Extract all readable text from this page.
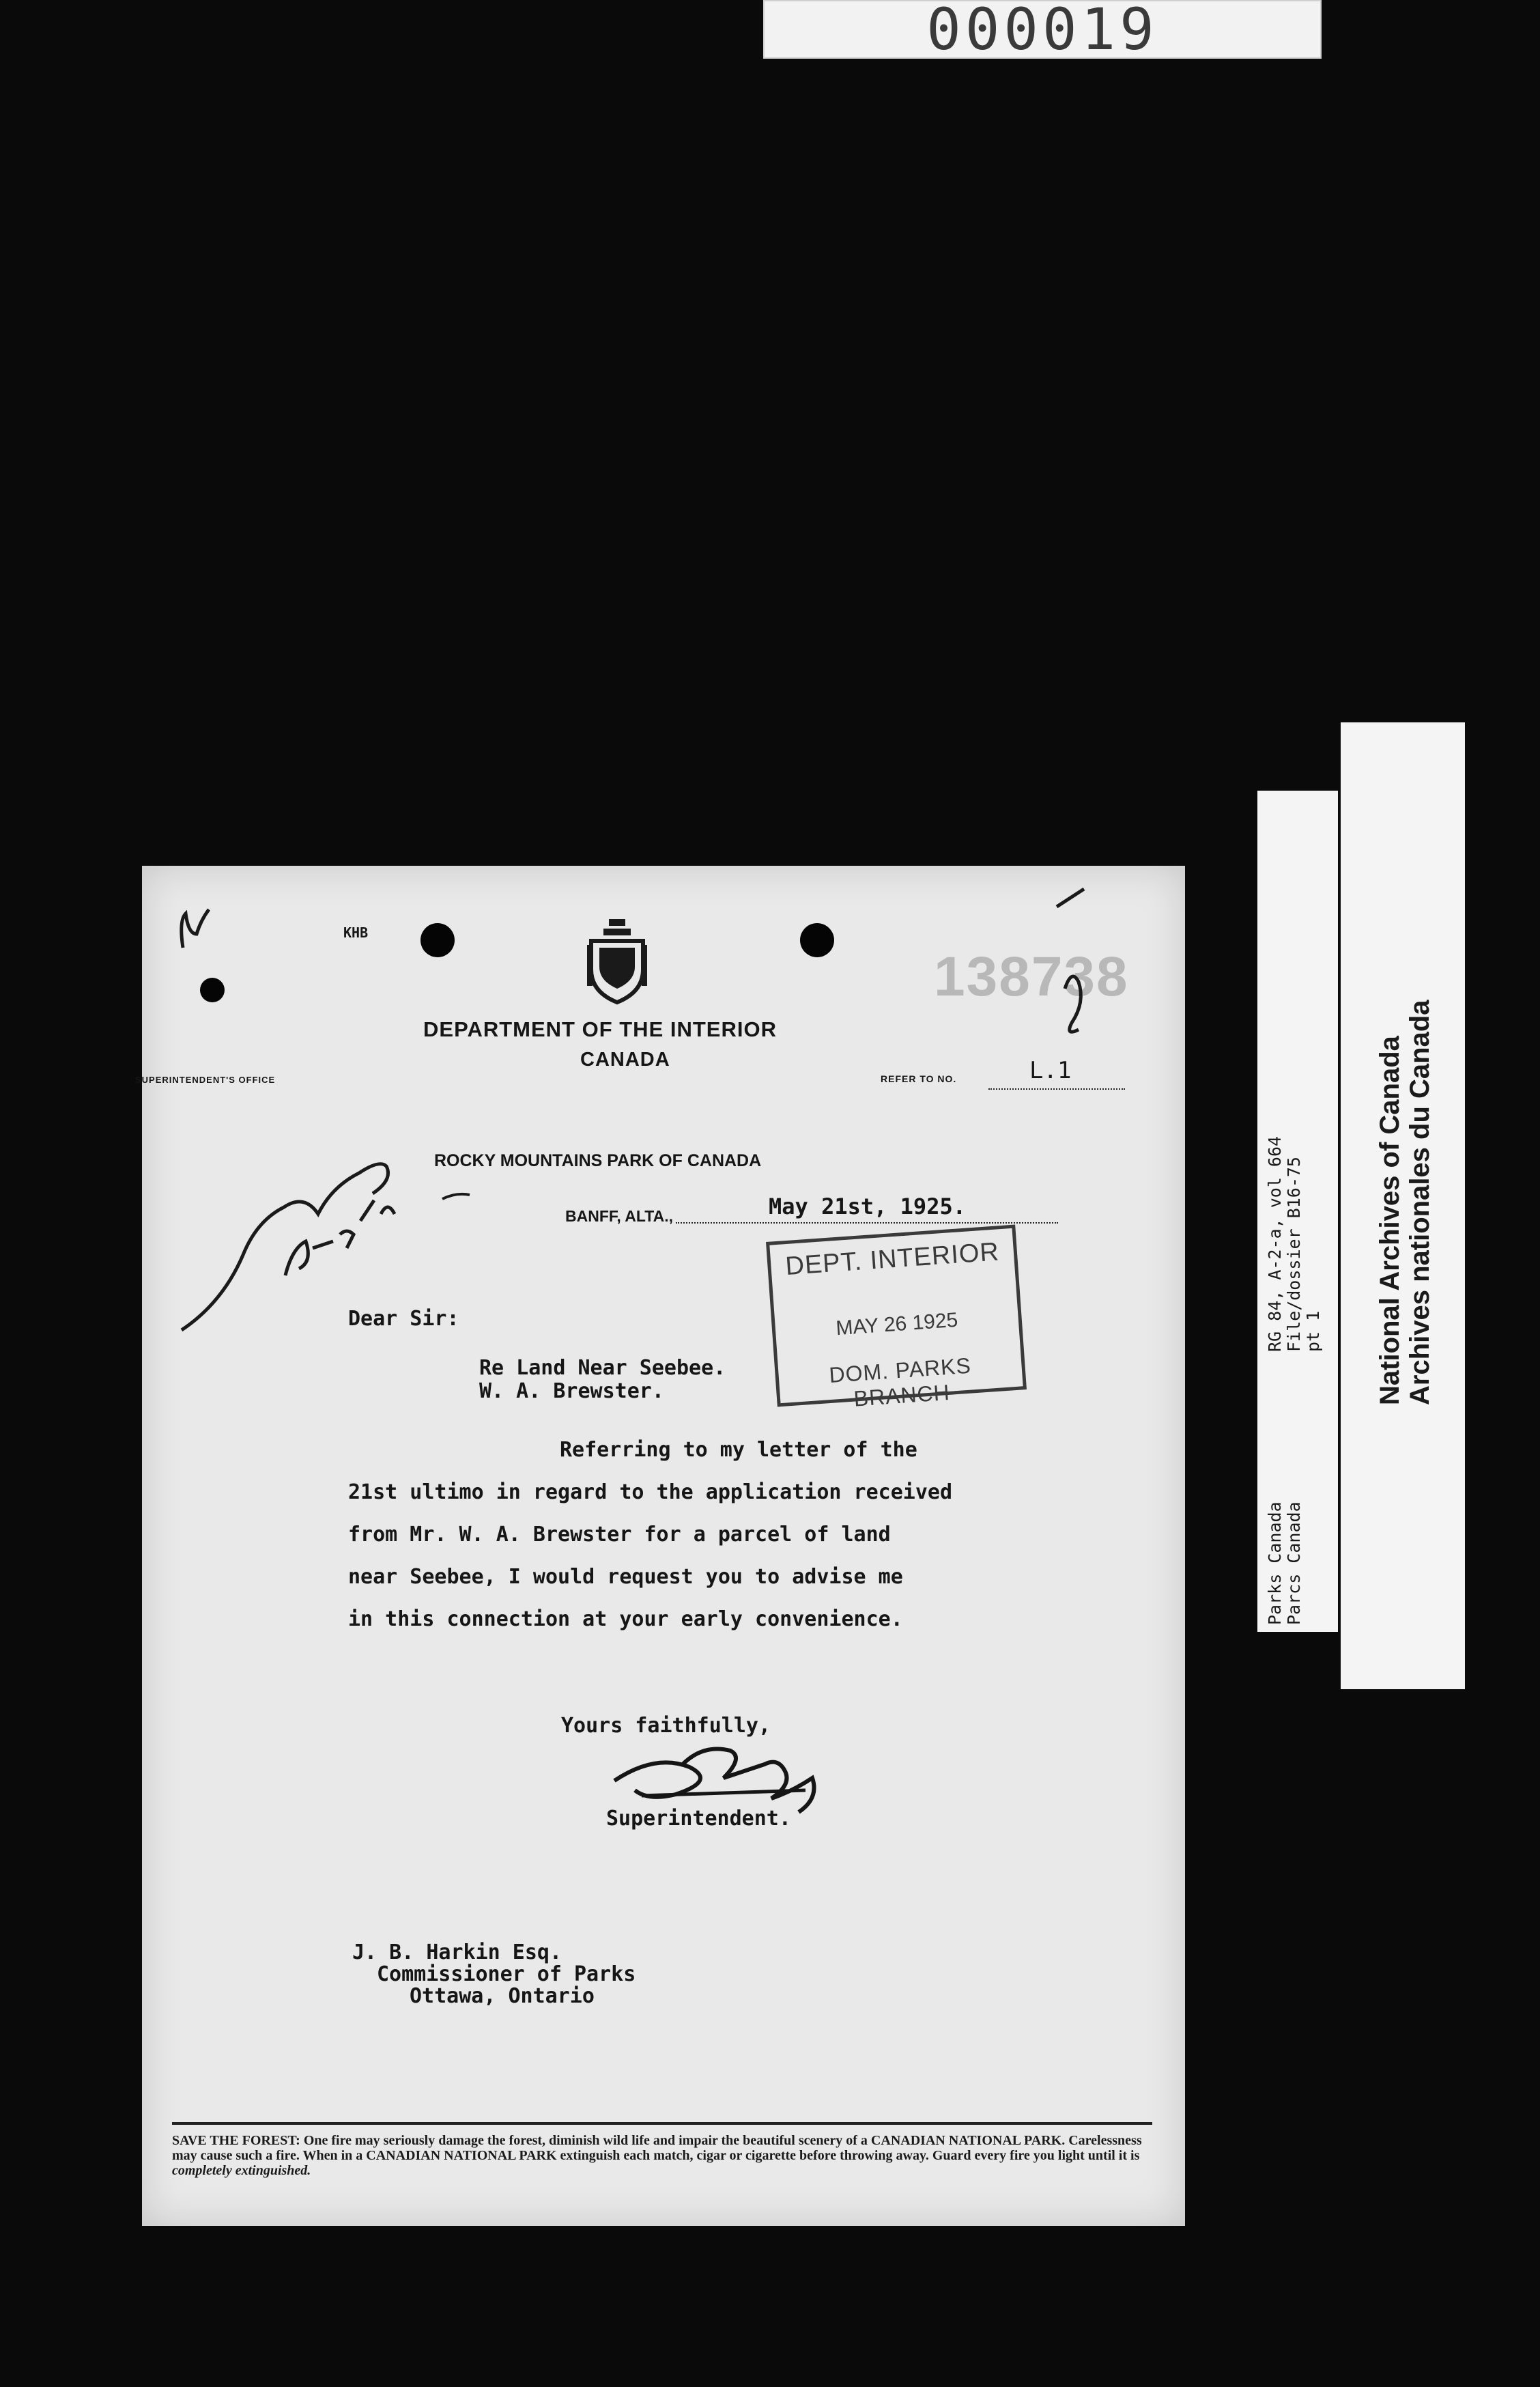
000019
RG 84, A-2-a, vol 664 File/dossier B16-75 pt 1
Parks Canada Parcs Canada
National Archives of Canada Archives nationales du Canada
KHB
138738
DEPARTMENT OF THE INTERIOR
CANADA
SUPERINTENDENT'S OFFICE	REFER TO NO.	L.1
ROCKY MOUNTAINS PARK OF CANADA
BANFF, ALTA.,	May 21st, 1925.
DEPT. INTERIOR
MAY 26 1925
DOM. PARKS BRANCH
Dear Sir:
Re Land Near Seebee.
W. A. Brewster.
Referring to my letter of the
21st ultimo in regard to the application received
from Mr. W. A. Brewster for a parcel of land
near Seebee, I would request you to advise me
in this connection at your early convenience.
Yours faithfully,
Superintendent.
J. B. Harkin Esq.
Commissioner of Parks
Ottawa, Ontario
SAVE THE FOREST: One fire may seriously damage the forest, diminish wild life and impair the beautiful scenery of a CANADIAN NATIONAL PARK. Carelessness may cause such a fire. When in a CANADIAN NATIONAL PARK extinguish each match, cigar or cigarette before throwing away. Guard every fire you light until it is completely extinguished.
